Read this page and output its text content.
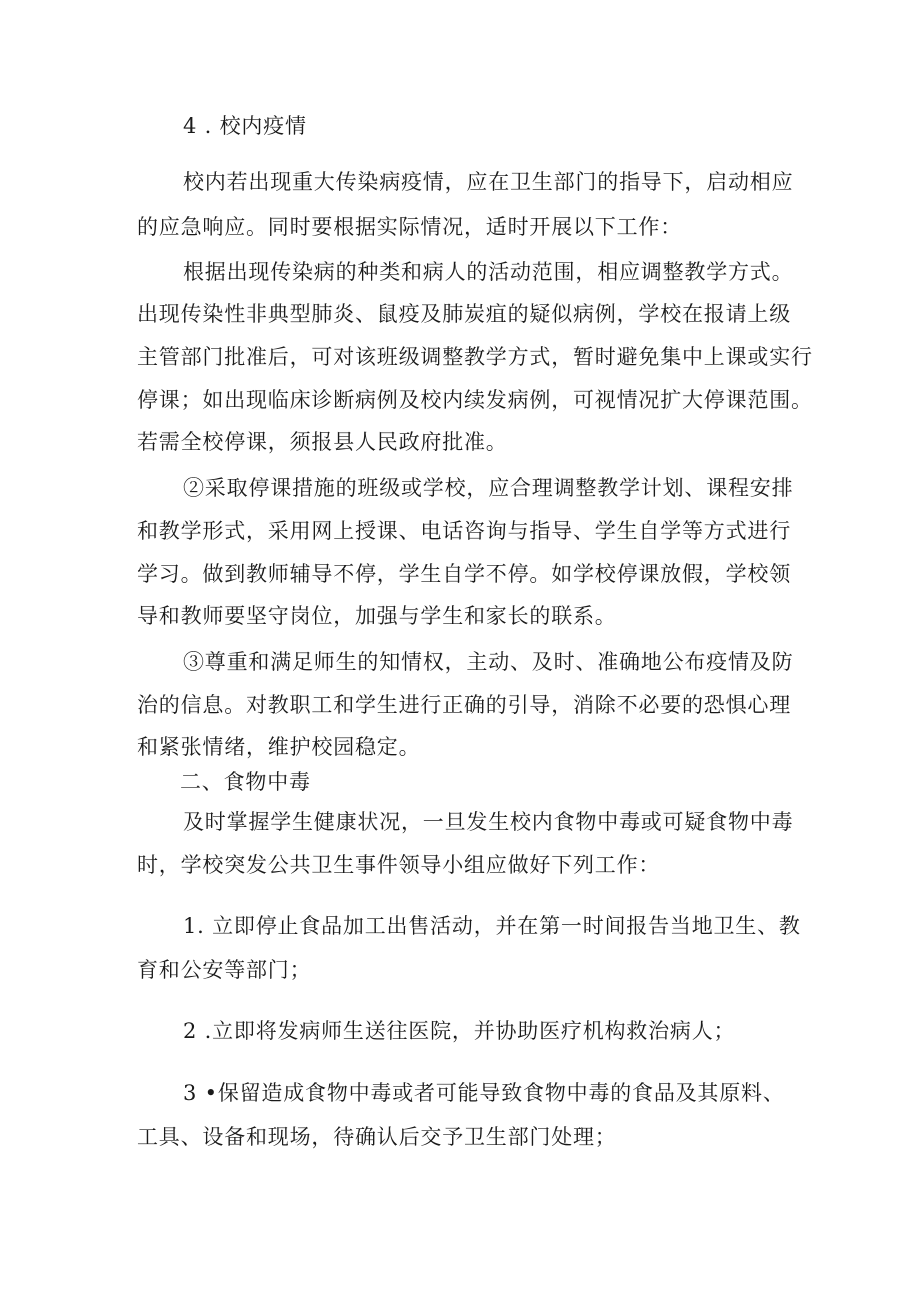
4 . 校内疫情
校内若出现重大传染病疫情，应在卫生部门的指导下，启动相应
的应急响应。同时要根据实际情况，适时开展以下工作：
根据出现传染病的种类和病人的活动范围，相应调整教学方式。
出现传染性非典型肺炎、鼠疫及肺炭疽的疑似病例，学校在报请上级
主管部门批准后，可对该班级调整教学方式，暂时避免集中上课或实行
停课；如出现临床诊断病例及校内续发病例，可视情况扩大停课范围。
若需全校停课，须报县人民政府批准。
②采取停课措施的班级或学校，应合理调整教学计划、课程安排
和教学形式，采用网上授课、电话咨询与指导、学生自学等方式进行
学习。做到教师辅导不停，学生自学不停。如学校停课放假，学校领
导和教师要坚守岗位，加强与学生和家长的联系。
③尊重和满足师生的知情权，主动、及时、准确地公布疫情及防
治的信息。对教职工和学生进行正确的引导，消除不必要的恐惧心理
和紧张情绪，维护校园稳定。
二、食物中毒
及时掌握学生健康状况，一旦发生校内食物中毒或可疑食物中毒
时，学校突发公共卫生事件领导小组应做好下列工作：
1. 立即停止食品加工出售活动，并在第一时间报告当地卫生、教
育和公安等部门；
2 .立即将发病师生送往医院，并协助医疗机构救治病人；
3 •保留造成食物中毒或者可能导致食物中毒的食品及其原料、
工具、设备和现场，待确认后交予卫生部门处理；
